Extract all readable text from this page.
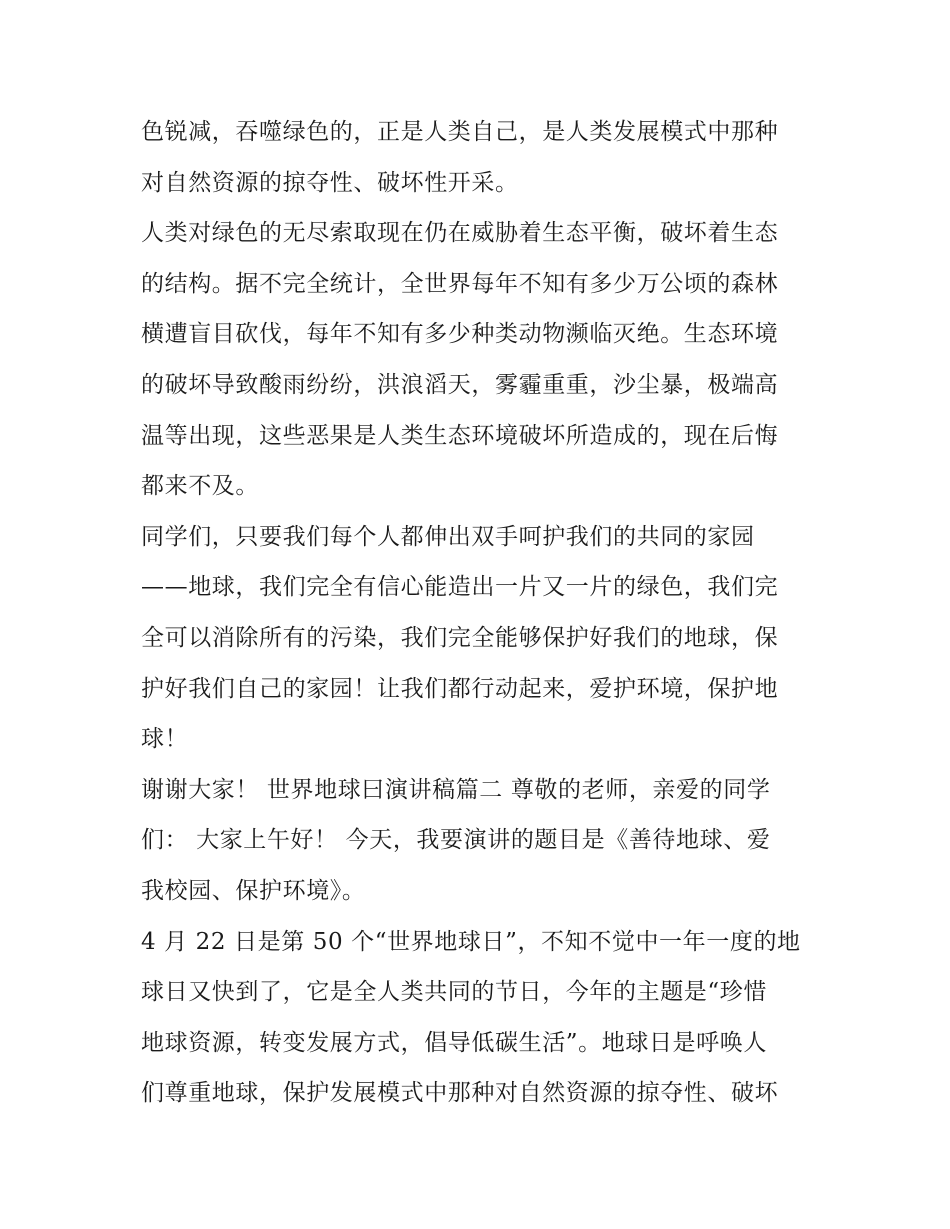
色锐减，吞噬绿色的，正是人类自己，是人类发展模式中那种
对自然资源的掠夺性、破坏性开采。
人类对绿色的无尽索取现在仍在威胁着生态平衡，破坏着生态
的结构。据不完全统计，全世界每年不知有多少万公顷的森林
横遭盲目砍伐，每年不知有多少种类动物濒临灭绝。生态环境
的破坏导致酸雨纷纷，洪浪滔天，雾霾重重，沙尘暴，极端高
温等出现，这些恶果是人类生态环境破坏所造成的，现在后悔
都来不及。
同学们，只要我们每个人都伸出双手呵护我们的共同的家园
——地球，我们完全有信心能造出一片又一片的绿色，我们完
全可以消除所有的污染，我们完全能够保护好我们的地球，保
护好我们自己的家园！让我们都行动起来，爱护环境，保护地
球！
谢谢大家！ 世界地球曰演讲稿篇二 尊敬的老师，亲爱的同学
们： 大家上午好！ 今天，我要演讲的题目是《善待地球、爱
我校园、保护环境》。
4 月 22 日是第 50 个“世界地球日”，不知不觉中一年一度的地
球日又快到了，它是全人类共同的节日，今年的主题是“珍惜
地球资源，转变发展方式，倡导低碳生活”。地球日是呼唤人
们尊重地球，保护发展模式中那种对自然资源的掠夺性、破坏
